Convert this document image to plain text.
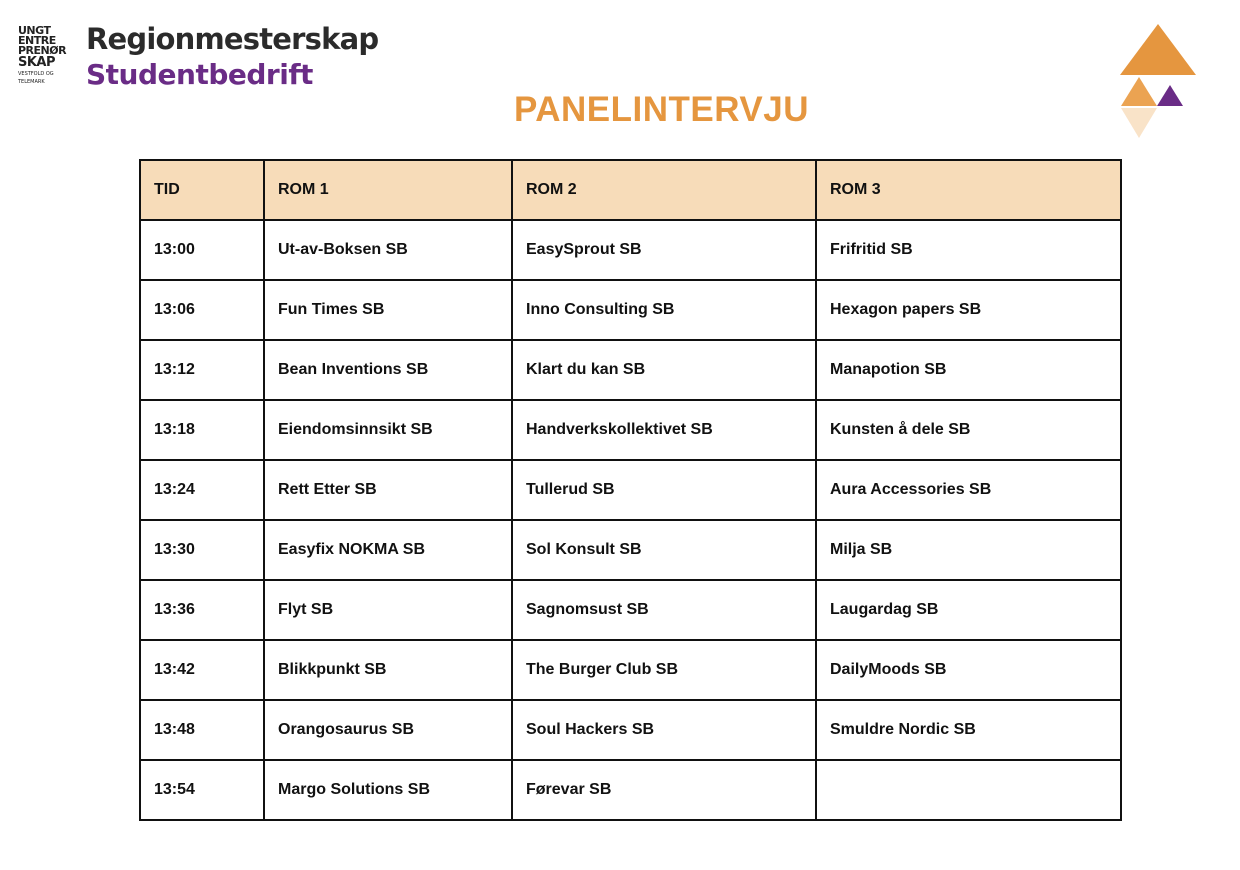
UNGT
ENTRE
PRENØR
SKAP
VESTFOLD OG
TELEMARK
Regionmesterskap
Studentbedrift
PANELINTERVJU
TID	ROM 1	ROM 2	ROM 3
13:00	Ut-av-Boksen SB	EasySprout SB	Frifritid SB
13:06	Fun Times SB	Inno Consulting SB	Hexagon papers SB
13:12	Bean Inventions SB	Klart du kan SB	Manapotion SB
13:18	Eiendomsinnsikt SB	Handverkskollektivet SB	Kunsten å dele SB
13:24	Rett Etter SB	Tullerud SB	Aura Accessories SB
13:30	Easyfix NOKMA SB	Sol Konsult SB	Milja SB
13:36	Flyt SB	Sagnomsust SB	Laugardag SB
13:42	Blikkpunkt SB	The Burger Club SB	DailyMoods SB
13:48	Orangosaurus SB	Soul Hackers SB	Smuldre Nordic SB
13:54	Margo Solutions SB	Førevar SB	
